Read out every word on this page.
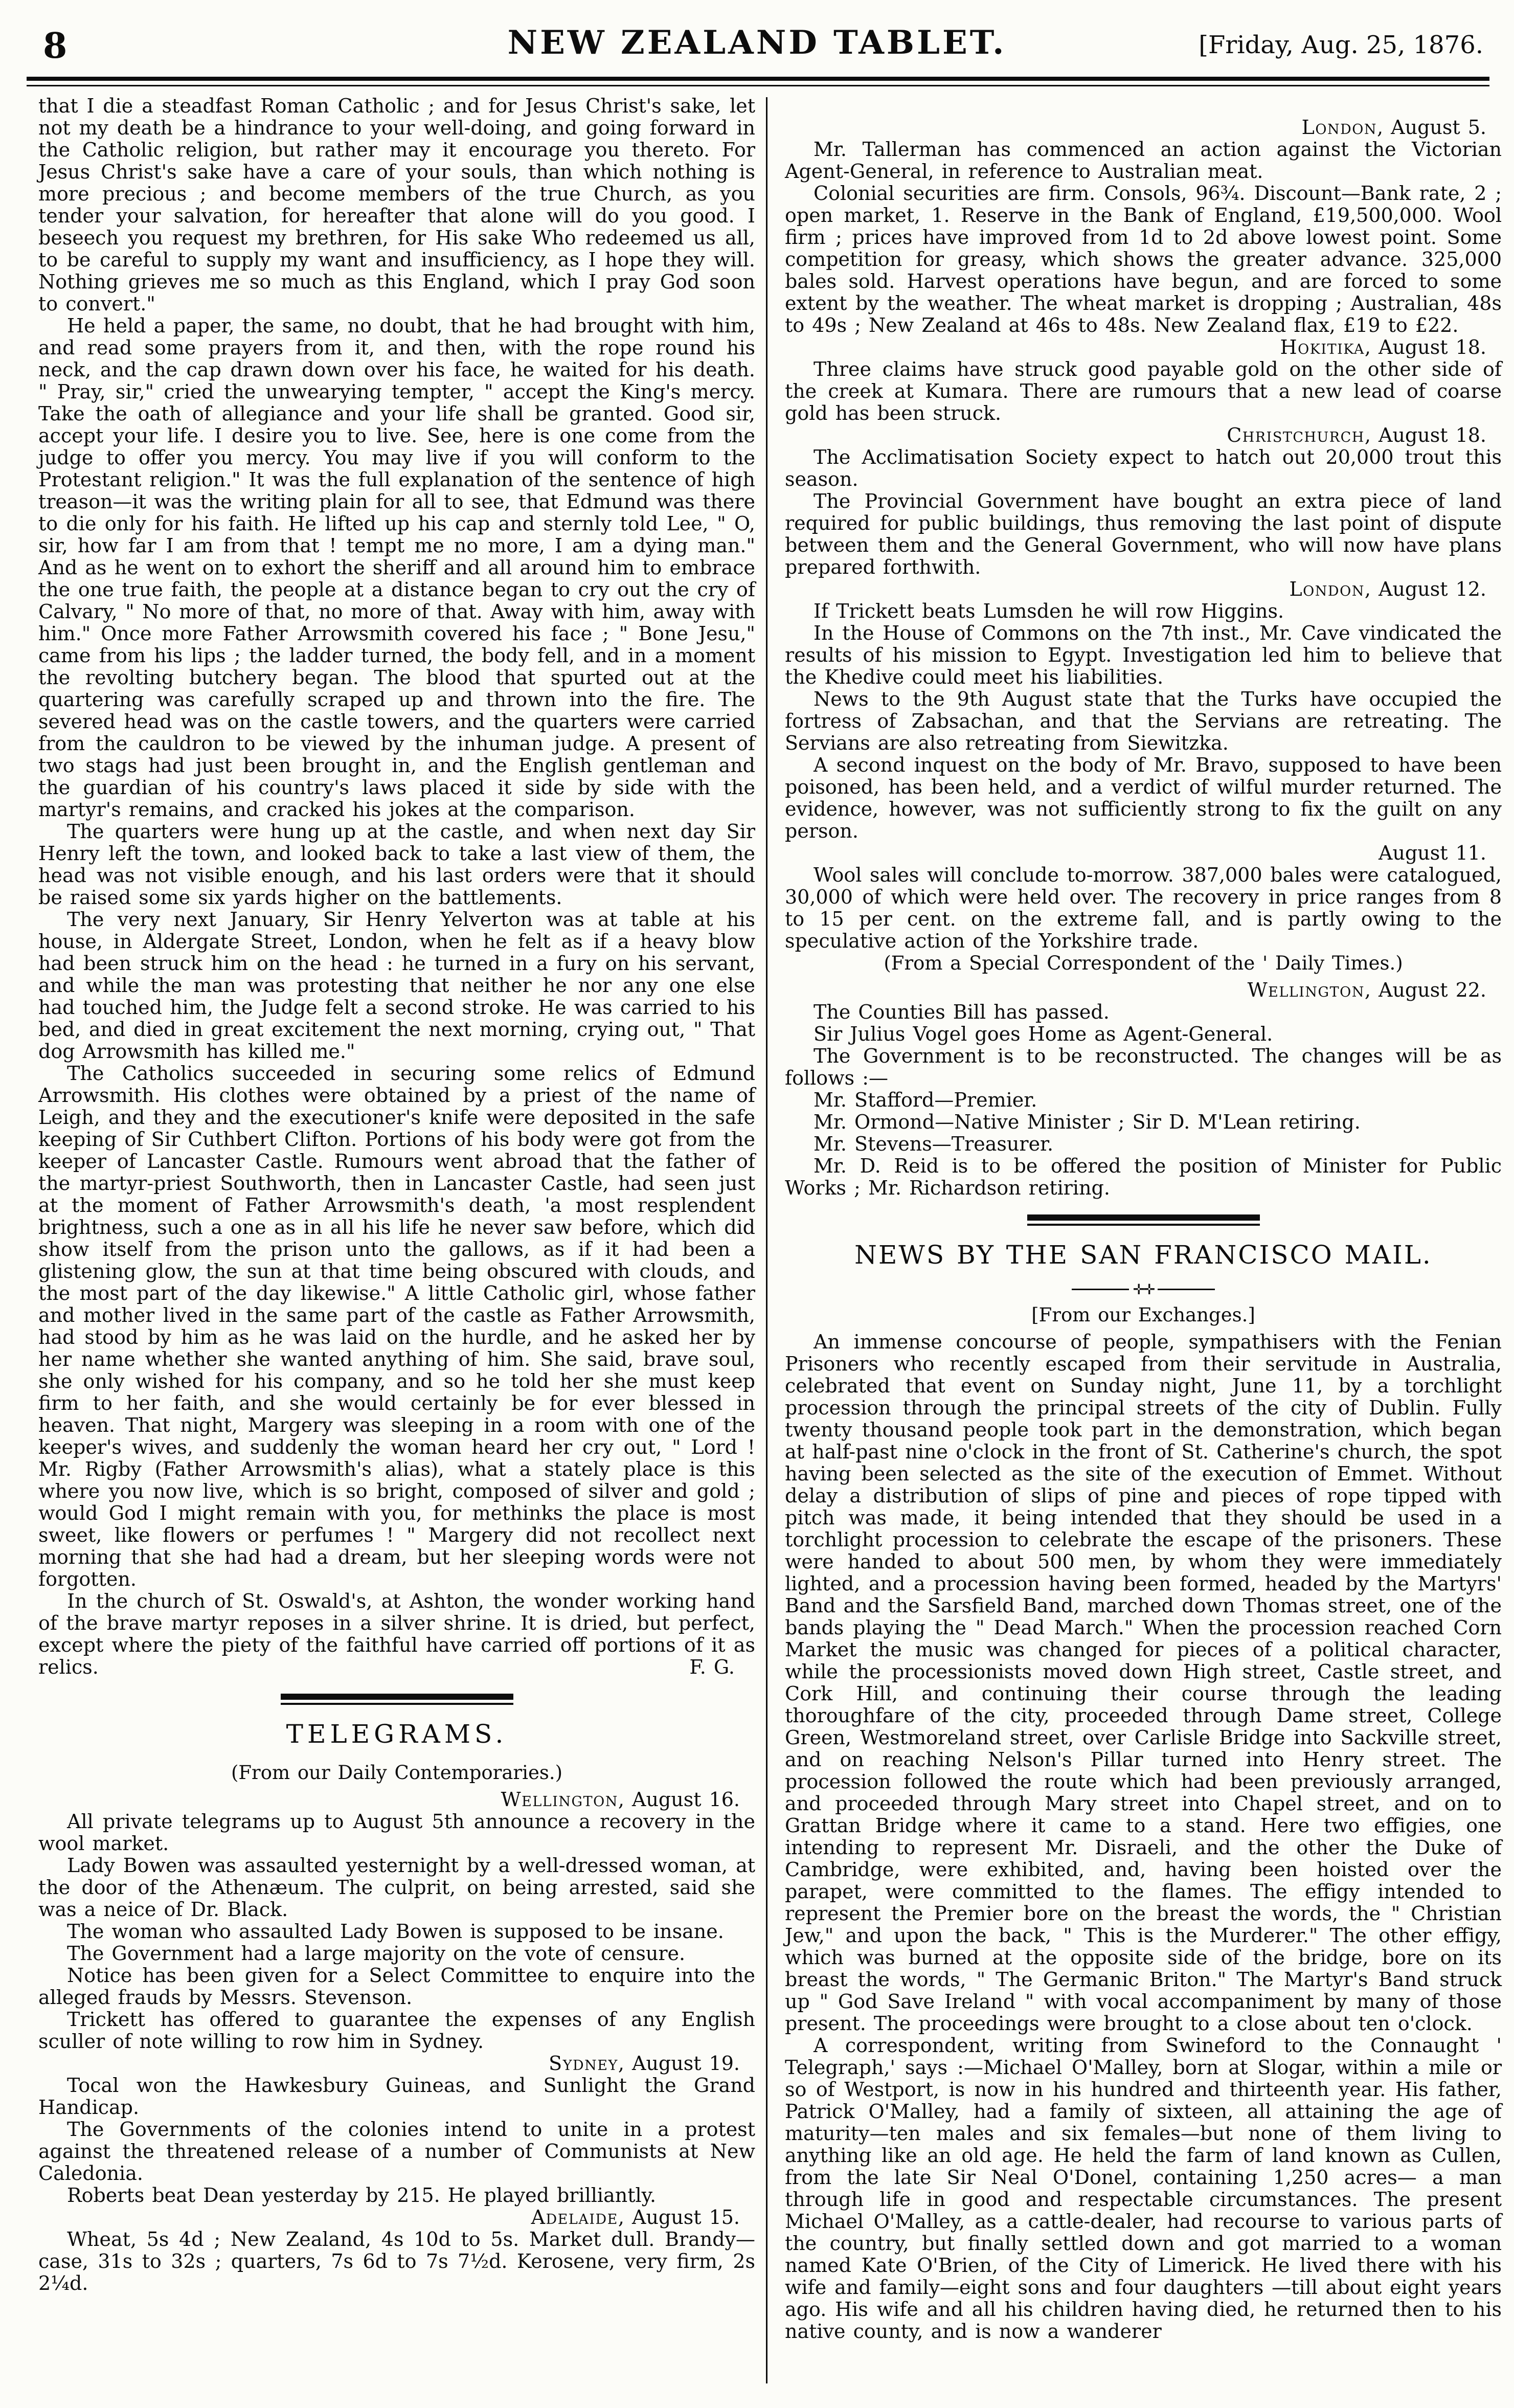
8	NEW ZEALAND TABLET.	[Friday, Aug. 25, 1876.

that I die a steadfast Roman Catholic ; and for Jesus Christ's sake, let not my death be a hindrance to your well-doing, and going forward in the Catholic religion, but rather may it encourage you thereto. For Jesus Christ's sake have a care of your souls, than which nothing is more precious ; and become members of the true Church, as you tender your salvation, for hereafter that alone will do you good. I beseech you request my brethren, for His sake Who redeemed us all, to be careful to supply my want and insufficiency, as I hope they will. Nothing grieves me so much as this England, which I pray God soon to convert."

He held a paper, the same, no doubt, that he had brought with him, and read some prayers from it, and then, with the rope round his neck, and the cap drawn down over his face, he waited for his death. " Pray, sir," cried the unwearying tempter, " accept the King's mercy. Take the oath of allegiance and your life shall be granted. Good sir, accept your life. I desire you to live. See, here is one come from the judge to offer you mercy. You may live if you will conform to the Protestant religion." It was the full explanation of the sentence of high treason—it was the writing plain for all to see, that Edmund was there to die only for his faith. He lifted up his cap and sternly told Lee, " O, sir, how far I am from that ! tempt me no more, I am a dying man." And as he went on to exhort the sheriff and all around him to embrace the one true faith, the people at a distance began to cry out the cry of Calvary, " No more of that, no more of that. Away with him, away with him." Once more Father Arrowsmith covered his face ; " Bone Jesu," came from his lips ; the ladder turned, the body fell, and in a moment the revolting butchery began. The blood that spurted out at the quartering was carefully scraped up and thrown into the fire. The severed head was on the castle towers, and the quarters were carried from the cauldron to be viewed by the inhuman judge. A present of two stags had just been brought in, and the English gentleman and the guardian of his country's laws placed it side by side with the martyr's remains, and cracked his jokes at the comparison.

The quarters were hung up at the castle, and when next day Sir Henry left the town, and looked back to take a last view of them, the head was not visible enough, and his last orders were that it should be raised some six yards higher on the battlements.

The very next January, Sir Henry Yelverton was at table at his house, in Aldergate Street, London, when he felt as if a heavy blow had been struck him on the head : he turned in a fury on his servant, and while the man was protesting that neither he nor any one else had touched him, the Judge felt a second stroke. He was carried to his bed, and died in great excitement the next morning, crying out, " That dog Arrowsmith has killed me."

The Catholics succeeded in securing some relics of Edmund Arrowsmith. His clothes were obtained by a priest of the name of Leigh, and they and the executioner's knife were deposited in the safe keeping of Sir Cuthbert Clifton. Portions of his body were got from the keeper of Lancaster Castle. Rumours went abroad that the father of the martyr-priest Southworth, then in Lancaster Castle, had seen just at the moment of Father Arrowsmith's death, 'a most resplendent brightness, such a one as in all his life he never saw before, which did show itself from the prison unto the gallows, as if it had been a glistening glow, the sun at that time being obscured with clouds, and the most part of the day likewise." A little Catholic girl, whose father and mother lived in the same part of the castle as Father Arrowsmith, had stood by him as he was laid on the hurdle, and he asked her by her name whether she wanted anything of him. She said, brave soul, she only wished for his company, and so he told her she must keep firm to her faith, and she would certainly be for ever blessed in heaven. That night, Margery was sleeping in a room with one of the keeper's wives, and suddenly the woman heard her cry out, " Lord ! Mr. Rigby (Father Arrowsmith's alias), what a stately place is this where you now live, which is so bright, composed of silver and gold ; would God I might remain with you, for methinks the place is most sweet, like flowers or perfumes ! " Margery did not recollect next morning that she had had a dream, but her sleeping words were not forgotten.

In the church of St. Oswald's, at Ashton, the wonder working hand of the brave martyr reposes in a silver shrine. It is dried, but perfect, except where the piety of the faithful have carried off portions of it as relics.	F. G.

TELEGRAMS.

(From our Daily Contemporaries.)

Wellington, August 16.

All private telegrams up to August 5th announce a recovery in the wool market.

Lady Bowen was assaulted yesternight by a well-dressed woman, at the door of the Athenæum. The culprit, on being arrested, said she was a neice of Dr. Black.

The woman who assaulted Lady Bowen is supposed to be insane.

The Government had a large majority on the vote of censure.

Notice has been given for a Select Committee to enquire into the alleged frauds by Messrs. Stevenson.

Trickett has offered to guarantee the expenses of any English sculler of note willing to row him in Sydney.

Sydney, August 19.

Tocal won the Hawkesbury Guineas, and Sunlight the Grand Handicap.

The Governments of the colonies intend to unite in a protest against the threatened release of a number of Communists at New Caledonia.

Roberts beat Dean yesterday by 215. He played brilliantly.

Adelaide, August 15.

Wheat, 5s 4d ; New Zealand, 4s 10d to 5s. Market dull. Brandy—case, 31s to 32s ; quarters, 7s 6d to 7s 7½d. Kerosene, very firm, 2s 2¼d.

London, August 5.

Mr. Tallerman has commenced an action against the Victorian Agent-General, in reference to Australian meat.

Colonial securities are firm. Consols, 96¾. Discount—Bank rate, 2 ; open market, 1. Reserve in the Bank of England, £19,500,000. Wool firm ; prices have improved from 1d to 2d above lowest point. Some competition for greasy, which shows the greater advance. 325,000 bales sold. Harvest operations have begun, and are forced to some extent by the weather. The wheat market is dropping ; Australian, 48s to 49s ; New Zealand at 46s to 48s. New Zealand flax, £19 to £22.

Hokitika, August 18.

Three claims have struck good payable gold on the other side of the creek at Kumara. There are rumours that a new lead of coarse gold has been struck.

Christchurch, August 18.

The Acclimatisation Society expect to hatch out 20,000 trout this season.

The Provincial Government have bought an extra piece of land required for public buildings, thus removing the last point of dispute between them and the General Government, who will now have plans prepared forthwith.

London, August 12.

If Trickett beats Lumsden he will row Higgins.

In the House of Commons on the 7th inst., Mr. Cave vindicated the results of his mission to Egypt. Investigation led him to believe that the Khedive could meet his liabilities.

News to the 9th August state that the Turks have occupied the fortress of Zabsachan, and that the Servians are retreating. The Servians are also retreating from Siewitzka.

A second inquest on the body of Mr. Bravo, supposed to have been poisoned, has been held, and a verdict of wilful murder returned. The evidence, however, was not sufficiently strong to fix the guilt on any person.

August 11.

Wool sales will conclude to-morrow. 387,000 bales were catalogued, 30,000 of which were held over. The recovery in price ranges from 8 to 15 per cent. on the extreme fall, and is partly owing to the speculative action of the Yorkshire trade.

(From a Special Correspondent of the ' Daily Times.)

Wellington, August 22.

The Counties Bill has passed.

Sir Julius Vogel goes Home as Agent-General.

The Government is to be reconstructed. The changes will be as follows :—

Mr. Stafford—Premier.

Mr. Ormond—Native Minister ; Sir D. M'Lean retiring.

Mr. Stevens—Treasurer.

Mr. D. Reid is to be offered the position of Minister for Public Works ; Mr. Richardson retiring.

NEWS BY THE SAN FRANCISCO MAIL.
✛✛

[From our Exchanges.]

An immense concourse of people, sympathisers with the Fenian Prisoners who recently escaped from their servitude in Australia, celebrated that event on Sunday night, June 11, by a torchlight procession through the principal streets of the city of Dublin. Fully twenty thousand people took part in the demonstration, which began at half-past nine o'clock in the front of St. Catherine's church, the spot having been selected as the site of the execution of Emmet. Without delay a distribution of slips of pine and pieces of rope tipped with pitch was made, it being intended that they should be used in a torchlight procession to celebrate the escape of the prisoners. These were handed to about 500 men, by whom they were immediately lighted, and a procession having been formed, headed by the Martyrs' Band and the Sarsfield Band, marched down Thomas street, one of the bands playing the " Dead March." When the procession reached Corn Market the music was changed for pieces of a political character, while the processionists moved down High street, Castle street, and Cork Hill, and continuing their course through the leading thoroughfare of the city, proceeded through Dame street, College Green, Westmoreland street, over Carlisle Bridge into Sackville street, and on reaching Nelson's Pillar turned into Henry street. The procession followed the route which had been previously arranged, and proceeded through Mary street into Chapel street, and on to Grattan Bridge where it came to a stand. Here two effigies, one intending to represent Mr. Disraeli, and the other the Duke of Cambridge, were exhibited, and, having been hoisted over the parapet, were committed to the flames. The effigy intended to represent the Premier bore on the breast the words, the " Christian Jew," and upon the back, " This is the Murderer." The other effigy, which was burned at the opposite side of the bridge, bore on its breast the words, " The Germanic Briton." The Martyr's Band struck up " God Save Ireland " with vocal accompaniment by many of those present. The proceedings were brought to a close about ten o'clock.

A correspondent, writing from Swineford to the Connaught ' Telegraph,' says :—Michael O'Malley, born at Slogar, within a mile or so of Westport, is now in his hundred and thirteenth year. His father, Patrick O'Malley, had a family of sixteen, all attaining the age of maturity—ten males and six females—but none of them living to anything like an old age. He held the farm of land known as Cullen, from the late Sir Neal O'Donel, containing 1,250 acres— a man through life in good and respectable circumstances. The present Michael O'Malley, as a cattle-dealer, had recourse to various parts of the country, but finally settled down and got married to a woman named Kate O'Brien, of the City of Limerick. He lived there with his wife and family—eight sons and four daughters —till about eight years ago. His wife and all his children having died, he returned then to his native county, and is now a wanderer
